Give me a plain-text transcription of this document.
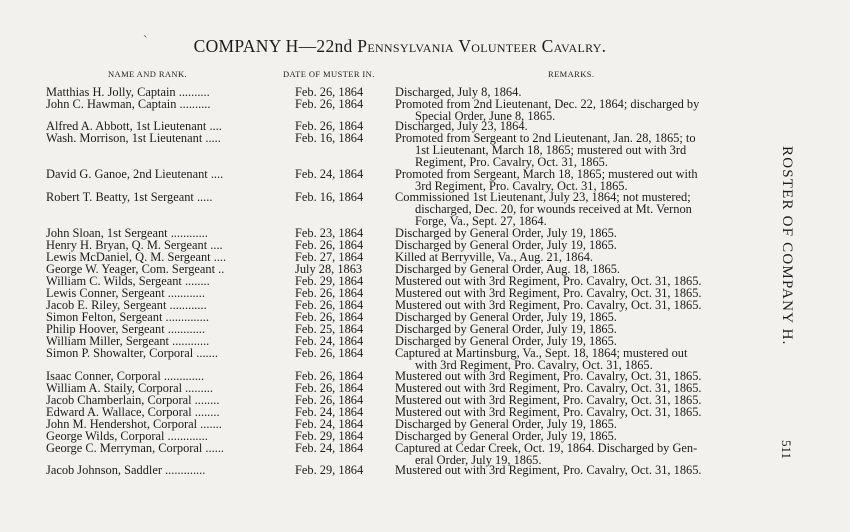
ˋ	COMPANY H—22nd Pennsylvania Volunteer Cavalry.
NAME AND RANK.	DATE OF MUSTER IN.	REMARKS.
Matthias H. Jolly, Captain ..........	Feb. 26, 1864	Discharged, July 8, 1864.
John C. Hawman, Captain ..........	Feb. 26, 1864	Promoted from 2nd Lieutenant, Dec. 22, 1864; discharged by
Special Order, June 8, 1865.
Alfred A. Abbott, 1st Lieutenant ....	Feb. 26, 1864	Discharged, July 23, 1864.
Wash. Morrison, 1st Lieutenant .....	Feb. 16, 1864	Promoted from Sergeant to 2nd Lieutenant, Jan. 28, 1865; to
1st Lieutenant, March 18, 1865; mustered out with 3rd
Regiment, Pro. Cavalry, Oct. 31, 1865.
David G. Ganoe, 2nd Lieutenant ....	Feb. 24, 1864	Promoted from Sergeant, March 18, 1865; mustered out with
3rd Regiment, Pro. Cavalry, Oct. 31, 1865.
Robert T. Beatty, 1st Sergeant .....	Feb. 16, 1864	Commissioned 1st Lieutenant, July 23, 1864; not mustered;
discharged, Dec. 20, for wounds received at Mt. Vernon
Forge, Va., Sept. 27, 1864.
John Sloan, 1st Sergeant ............	Feb. 23, 1864	Discharged by General Order, July 19, 1865.
Henry H. Bryan, Q. M. Sergeant ....	Feb. 26, 1864	Discharged by General Order, July 19, 1865.
Lewis McDaniel, Q. M. Sergeant ....	Feb. 27, 1864	Killed at Berryville, Va., Aug. 21, 1864.
George W. Yeager, Com. Sergeant ..	July 28, 1863	Discharged by General Order, Aug. 18, 1865.
William C. Wilds, Sergeant ........	Feb. 29, 1864	Mustered out with 3rd Regiment, Pro. Cavalry, Oct. 31, 1865.
Lewis Conner, Sergeant ............	Feb. 26, 1864	Mustered out with 3rd Regiment, Pro. Cavalry, Oct. 31, 1865.
Jacob E. Riley, Sergeant ............	Feb. 26, 1864	Mustered out with 3rd Regiment, Pro. Cavalry, Oct. 31, 1865.
Simon Felton, Sergeant ..............	Feb. 26, 1864	Discharged by General Order, July 19, 1865.
Philip Hoover, Sergeant ............	Feb. 25, 1864	Discharged by General Order, July 19, 1865.
William Miller, Sergeant ............	Feb. 24, 1864	Discharged by General Order, July 19, 1865.
Simon P. Showalter, Corporal .......	Feb. 26, 1864	Captured at Martinsburg, Va., Sept. 18, 1864; mustered out
with 3rd Regiment, Pro. Cavalry, Oct. 31, 1865.
Isaac Conner, Corporal .............	Feb. 26, 1864	Mustered out with 3rd Regiment, Pro. Cavalry, Oct. 31, 1865.
William A. Staily, Corporal .........	Feb. 26, 1864	Mustered out with 3rd Regiment, Pro. Cavalry, Oct. 31, 1865.
Jacob Chamberlain, Corporal ........	Feb. 26, 1864	Mustered out with 3rd Regiment, Pro. Cavalry, Oct. 31, 1865.
Edward A. Wallace, Corporal ........	Feb. 24, 1864	Mustered out with 3rd Regiment, Pro. Cavalry, Oct. 31, 1865.
John M. Hendershot, Corporal .......	Feb. 24, 1864	Discharged by General Order, July 19, 1865.
George Wilds, Corporal .............	Feb. 29, 1864	Discharged by General Order, July 19, 1865.
George C. Merryman, Corporal ......	Feb. 24, 1864	Captured at Cedar Creek, Oct. 19, 1864. Discharged by Gen-
eral Order, July 19, 1865.
Jacob Johnson, Saddler .............	Feb. 29, 1864	Mustered out with 3rd Regiment, Pro. Cavalry, Oct. 31, 1865.
ROSTER OF COMPANY H.
511
